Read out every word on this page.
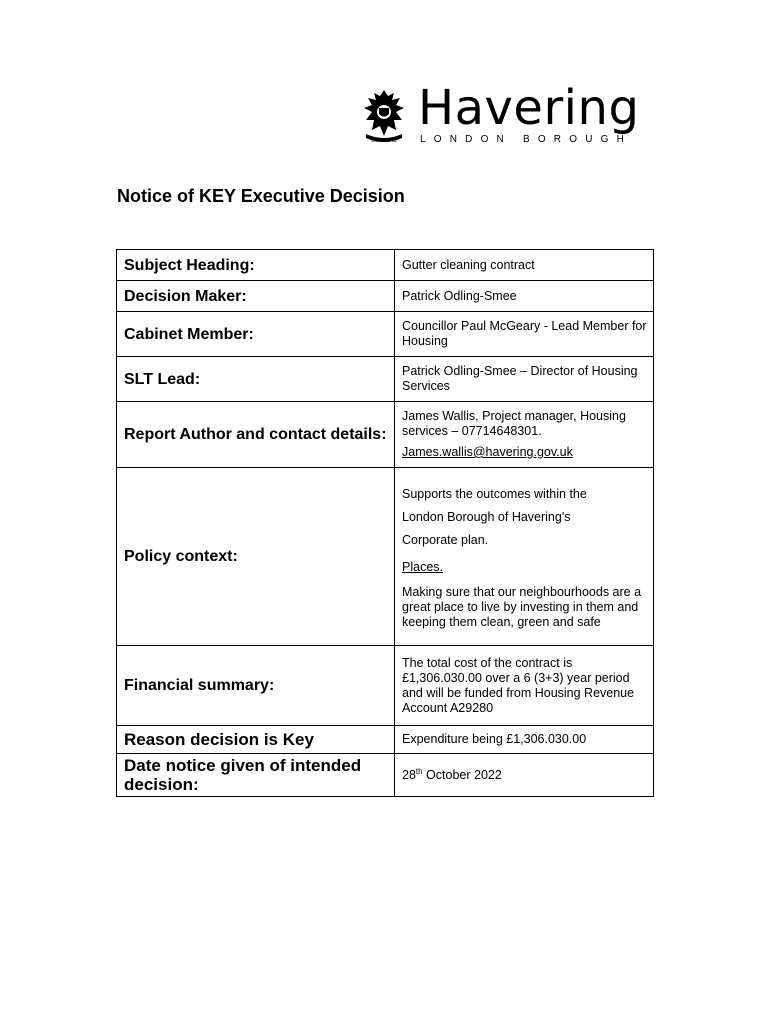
LIBERTAS
Havering
LONDON BOROUGH
Notice of KEY Executive Decision
Subject Heading:	Gutter cleaning contract
Decision Maker:	Patrick Odling-Smee
Cabinet Member:	Councillor Paul McGeary - Lead Member for Housing
SLT Lead:	Patrick Odling-Smee – Director of Housing Services
Report Author and contact details:	James Wallis, Project manager, Housing services – 07714648301.

James.wallis@havering.gov.uk

Policy context:	Supports the outcomes within the

London Borough of Havering's

Corporate plan.

Places.

Making sure that our neighbourhoods are a great place to live by investing in them and keeping them clean, green and safe

Financial summary:	The total cost of the contract is £1,306.030.00 over a 6 (3+3) year period and will be funded from Housing Revenue Account A29280
Reason decision is Key	Expenditure being £1,306.030.00
Date notice given of intended decision:	28th October 2022
